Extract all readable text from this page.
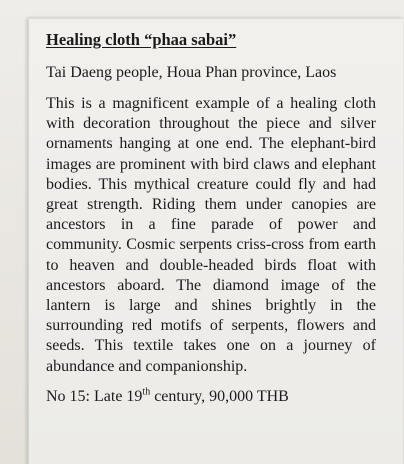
Healing cloth “phaa sabai”

Tai Daeng people, Houa Phan province, Laos

This is a magnificent example of a healing cloth with decoration throughout the piece and silver ornaments hanging at one end. The elephant-bird images are prominent with bird claws and elephant bodies. This mythical creature could fly and had great strength. Riding them under canopies are ancestors in a fine parade of power and community. Cosmic serpents criss-cross from earth to heaven and double-headed birds float with ancestors aboard. The diamond image of the lantern is large and shines brightly in the surrounding red motifs of serpents, flowers and seeds. This textile takes one on a journey of abundance and companionship.

No 15: Late 19th century, 90,000 THB
